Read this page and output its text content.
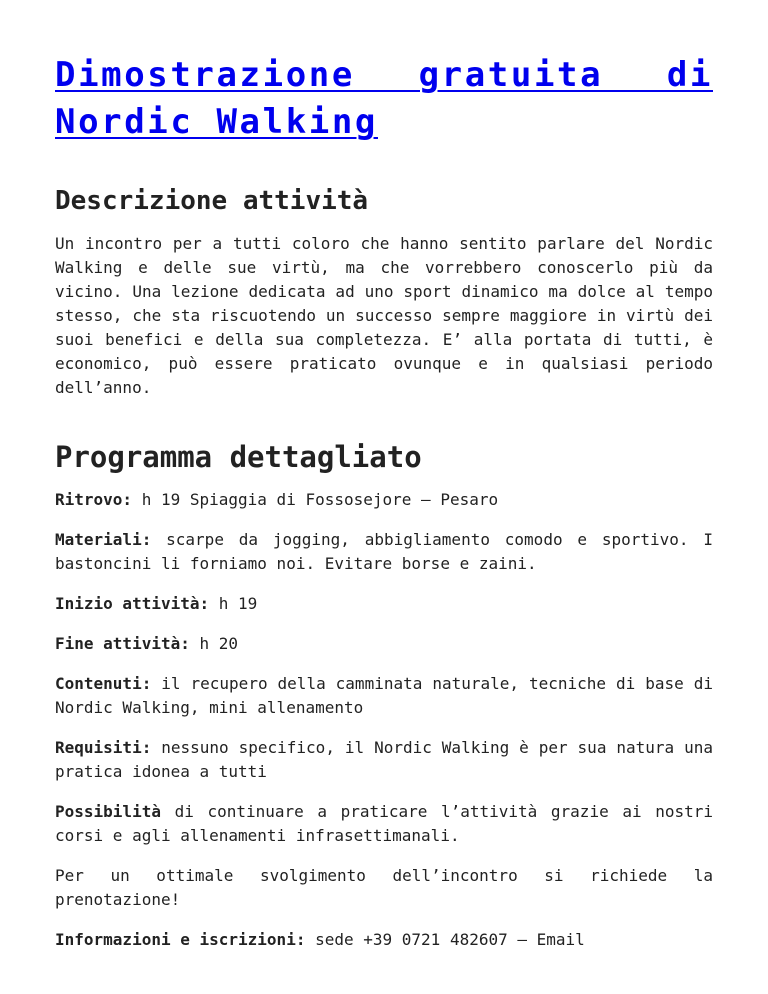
Dimostrazione gratuita di Nordic Walking
Descrizione attività

Un incontro per a tutti coloro che hanno sentito parlare del Nordic Walking e delle sue virtù, ma che vorrebbero conoscerlo più da vicino. Una lezione dedicata ad uno sport dinamico ma dolce al tempo stesso, che sta riscuotendo un successo sempre maggiore in virtù dei suoi benefici e della sua completezza. E’ alla portata di tutti, è economico, può essere praticato ovunque e in qualsiasi periodo dell’anno.

Programma dettagliato

Ritrovo: h 19 Spiaggia di Fossosejore – Pesaro

Materiali: scarpe da jogging, abbigliamento comodo e sportivo. I bastoncini li forniamo noi. Evitare borse e zaini.

Inizio attività: h 19

Fine attività: h 20

Contenuti: il recupero della camminata naturale, tecniche di base di Nordic Walking, mini allenamento

Requisiti: nessuno specifico, il Nordic Walking è per sua natura una pratica idonea a tutti

Possibilità di continuare a praticare l’attività grazie ai nostri corsi e agli allenamenti infrasettimanali.

Per un ottimale svolgimento dell’incontro si richiede la prenotazione!

Informazioni e iscrizioni: sede +39 0721 482607 – Email
